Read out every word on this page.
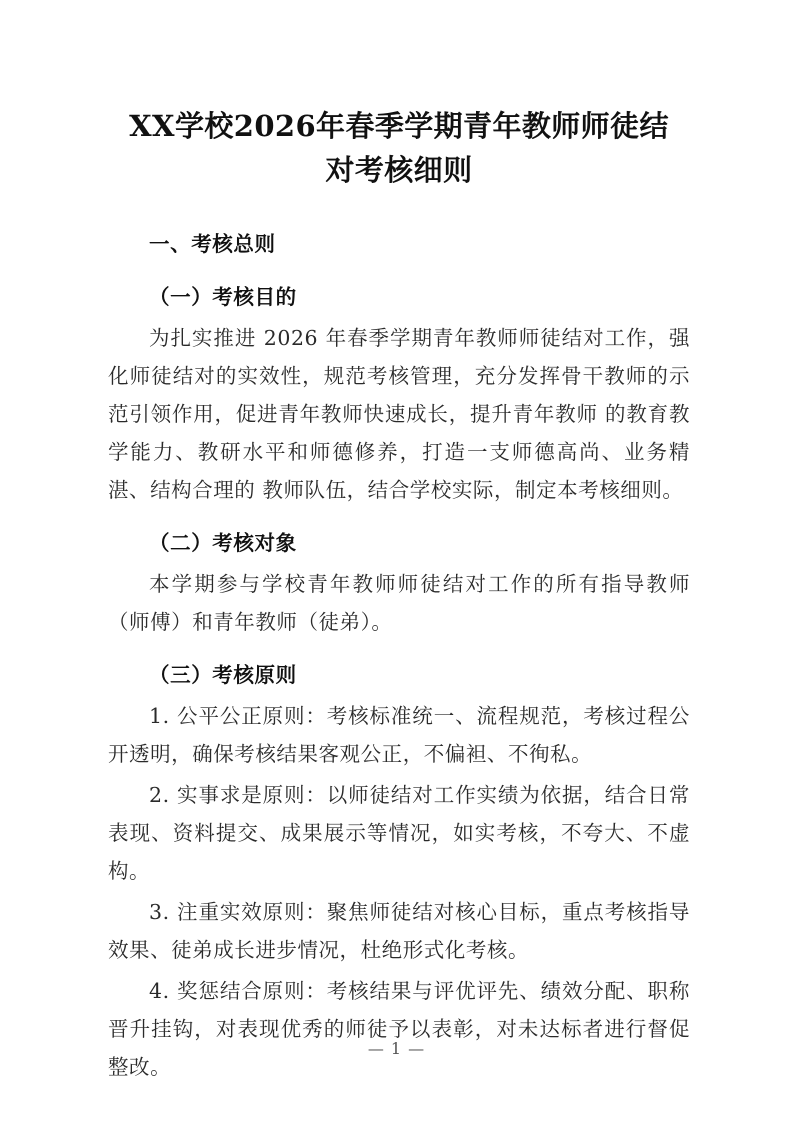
XX学校2026年春季学期青年教师师徒结
对考核细则
一、考核总则
（一）考核目的

为扎实推进 2026 年春季学期青年教师师徒结对工作，强化师徒结对的实效性，规范考核管理，充分发挥骨干教师的示范引领作用，促进青年教师快速成长，提升青年教师 的教育教学能力、教研水平和师德修养，打造一支师德高尚、业务精湛、结构合理的 教师队伍，结合学校实际，制定本考核细则。

（二）考核对象

本学期参与学校青年教师师徒结对工作的所有指导教师（师傅）和青年教师（徒弟）。

（三）考核原则

1. 公平公正原则：考核标准统一、流程规范，考核过程公开透明，确保考核结果客观公正，不偏袒、不徇私。

2. 实事求是原则：以师徒结对工作实绩为依据，结合日常表现、资料提交、成果展示等情况，如实考核，不夸大、不虚构。

3. 注重实效原则：聚焦师徒结对核心目标，重点考核指导效果、徒弟成长进步情况，杜绝形式化考核。

4. 奖惩结合原则：考核结果与评优评先、绩效分配、职称晋升挂钩，对表现优秀的师徒予以表彰，对未达标者进行督促整改。

— 1 —
